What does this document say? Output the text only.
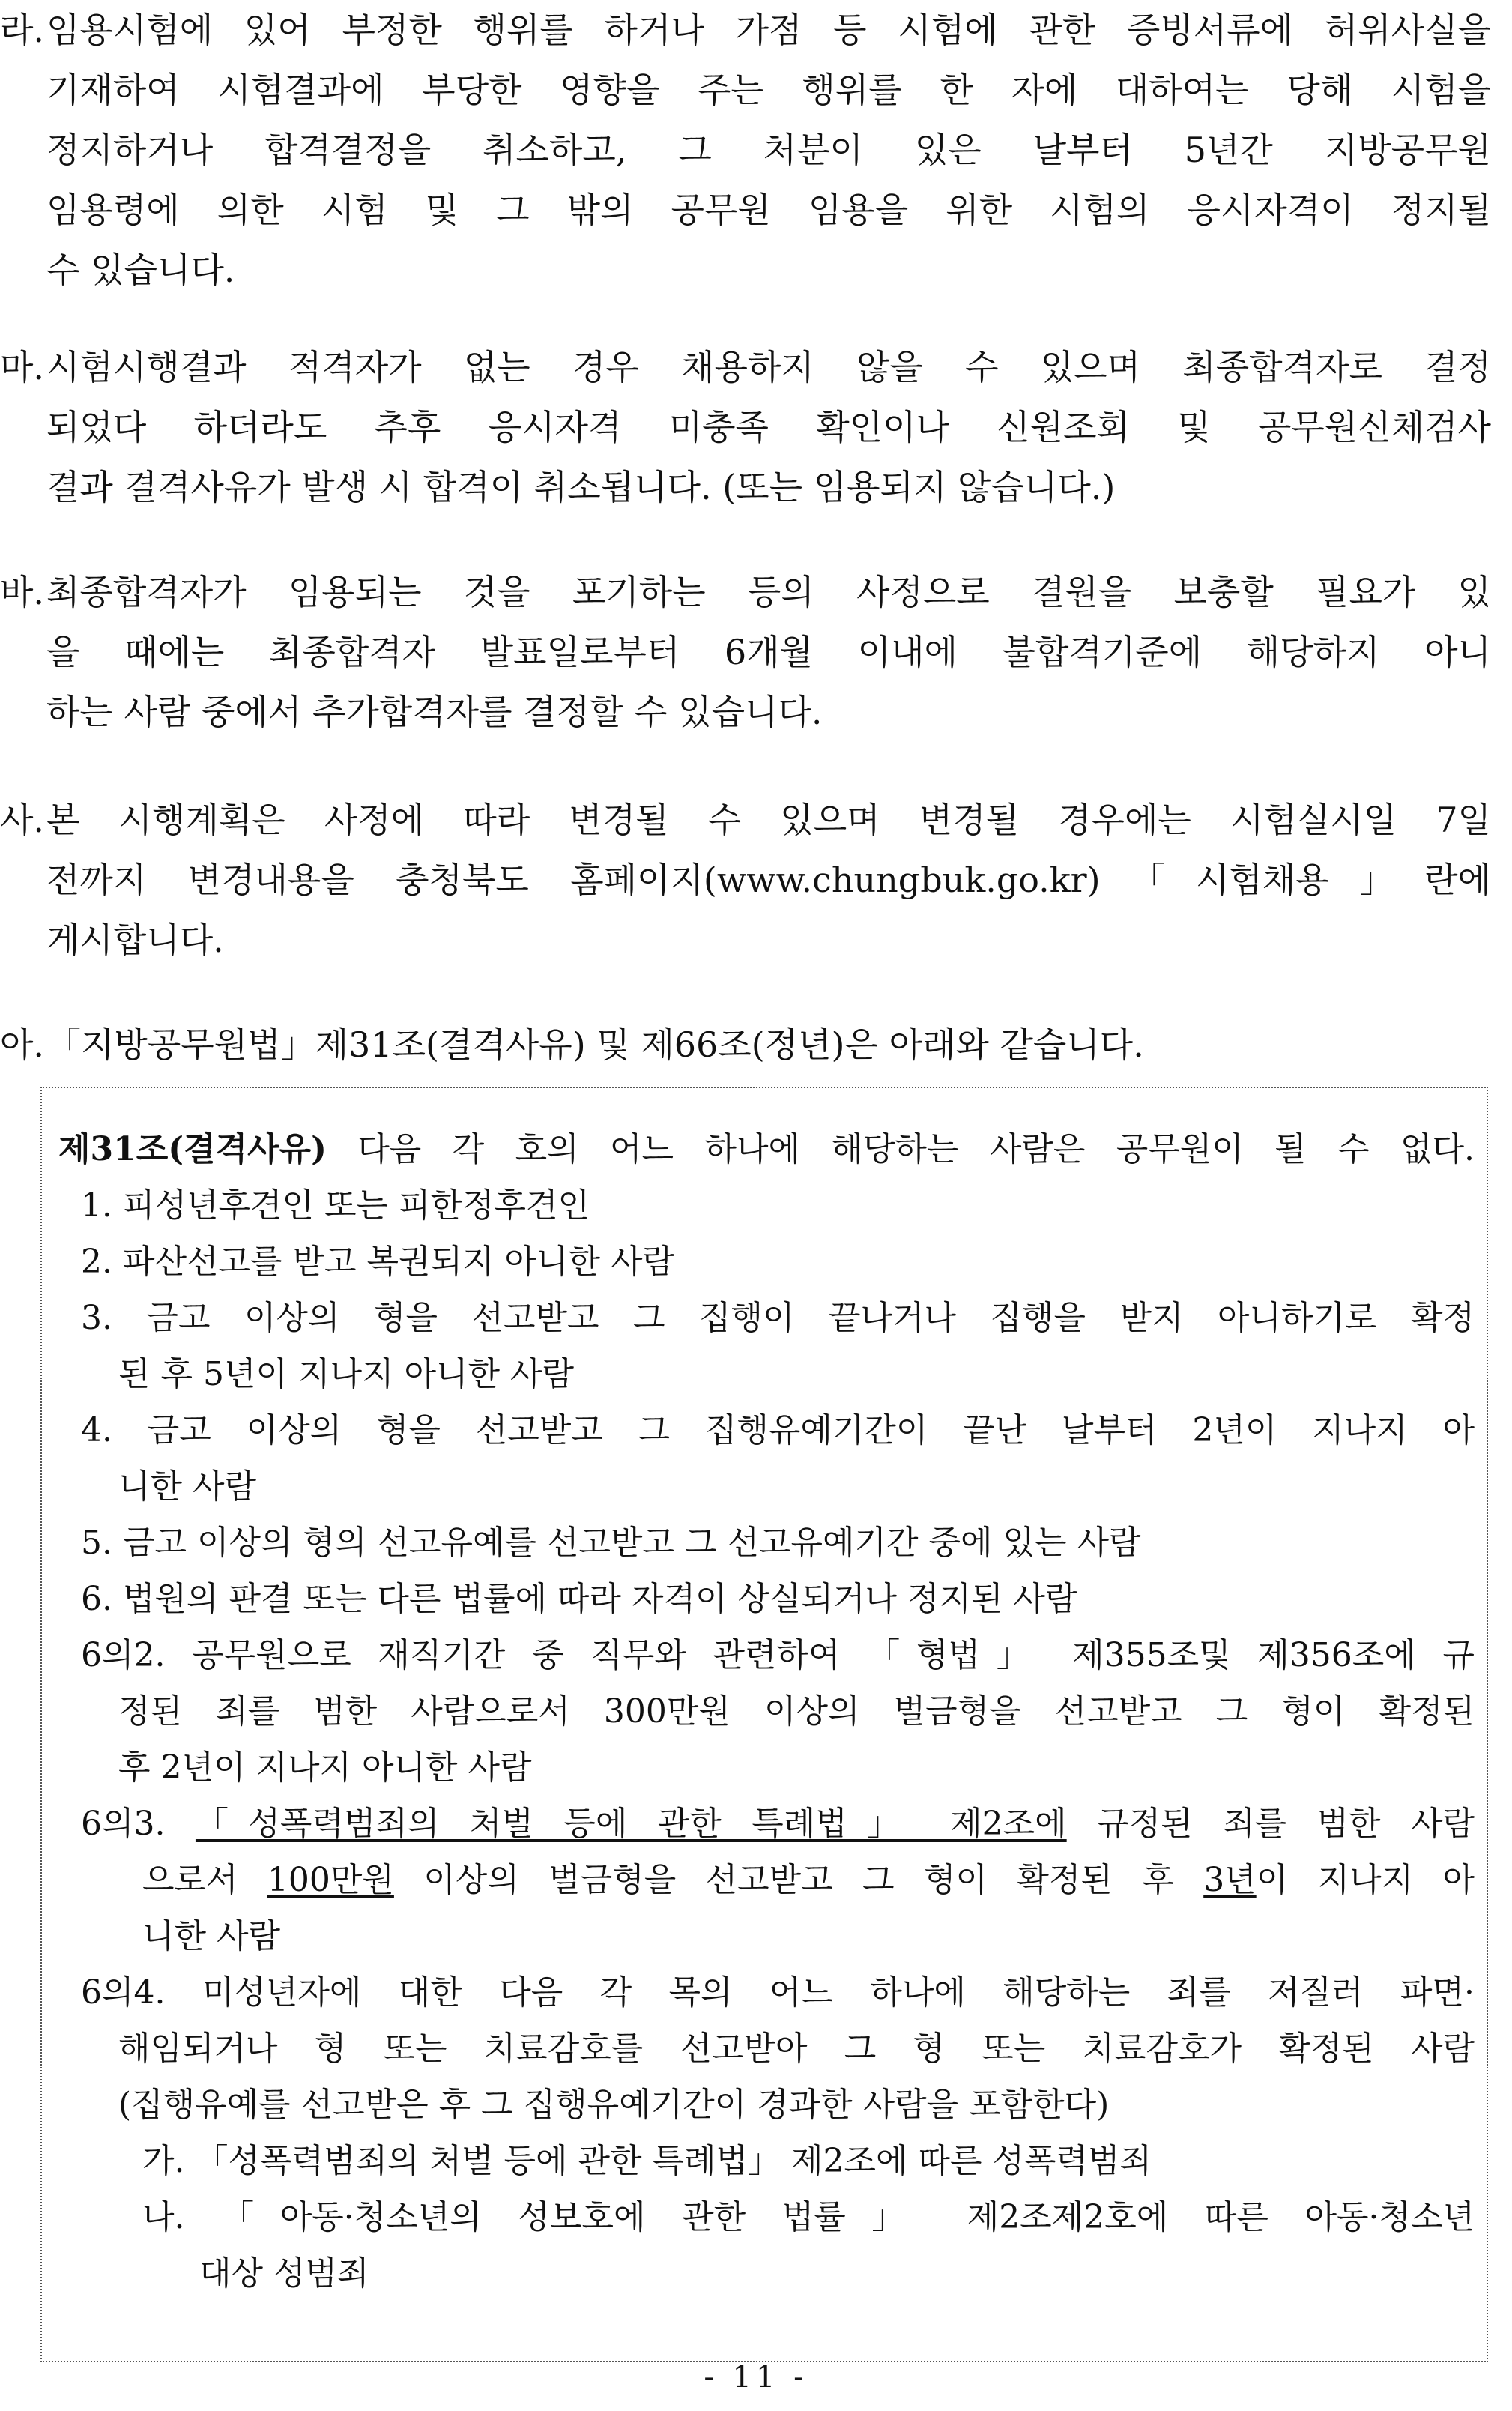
라. 임용시험에 있어 부정한 행위를 하거나 가점 등 시험에 관한 증빙서류에 허위사실을
기재하여 시험결과에 부당한 영향을 주는 행위를 한 자에 대하여는 당해 시험을
정지하거나 합격결정을 취소하고, 그 처분이 있은 날부터 5년간 지방공무원
임용령에 의한 시험 및 그 밖의 공무원 임용을 위한 시험의 응시자격이 정지될
수 있습니다.
마. 시험시행결과 적격자가 없는 경우 채용하지 않을 수 있으며 최종합격자로 결정
되었다 하더라도 추후 응시자격 미충족 확인이나 신원조회 및 공무원신체검사
결과 결격사유가 발생 시 합격이 취소됩니다. (또는 임용되지 않습니다.)
바. 최종합격자가 임용되는 것을 포기하는 등의 사정으로 결원을 보충할 필요가 있
을 때에는 최종합격자 발표일로부터 6개월 이내에 불합격기준에 해당하지 아니
하는 사람 중에서 추가합격자를 결정할 수 있습니다.
사. 본 시행계획은 사정에 따라 변경될 수 있으며 변경될 경우에는 시험실시일 7일
전까지 변경내용을 충청북도 홈페이지(www.chungbuk.go.kr)「시험채용」란에
게시합니다.
아. 「지방공무원법」제31조(결격사유) 및 제66조(정년)은 아래와 같습니다.
제31조(결격사유) 다음 각 호의 어느 하나에 해당하는 사람은 공무원이 될 수 없다.
1. 피성년후견인 또는 피한정후견인
2. 파산선고를 받고 복권되지 아니한 사람
3. 금고 이상의 형을 선고받고 그 집행이 끝나거나 집행을 받지 아니하기로 확정
된 후 5년이 지나지 아니한 사람
4. 금고 이상의 형을 선고받고 그 집행유예기간이 끝난 날부터 2년이 지나지 아
니한 사람
5. 금고 이상의 형의 선고유예를 선고받고 그 선고유예기간 중에 있는 사람
6. 법원의 판결 또는 다른 법률에 따라 자격이 상실되거나 정지된 사람
6의2. 공무원으로 재직기간 중 직무와 관련하여 「형법」 제355조및 제356조에 규
정된 죄를 범한 사람으로서 300만원 이상의 벌금형을 선고받고 그 형이 확정된
후 2년이 지나지 아니한 사람
6의3. 「성폭력범죄의 처벌 등에 관한 특례법」 제2조에 규정된 죄를 범한 사람
으로서 100만원 이상의 벌금형을 선고받고 그 형이 확정된 후 3년이 지나지 아
니한 사람
6의4. 미성년자에 대한 다음 각 목의 어느 하나에 해당하는 죄를 저질러 파면·
해임되거나 형 또는 치료감호를 선고받아 그 형 또는 치료감호가 확정된 사람
(집행유예를 선고받은 후 그 집행유예기간이 경과한 사람을 포함한다)
가. 「성폭력범죄의 처벌 등에 관한 특례법」 제2조에 따른 성폭력범죄
나. 「아동·청소년의 성보호에 관한 법률」 제2조제2호에 따른 아동·청소년
대상 성범죄
- 11 -
